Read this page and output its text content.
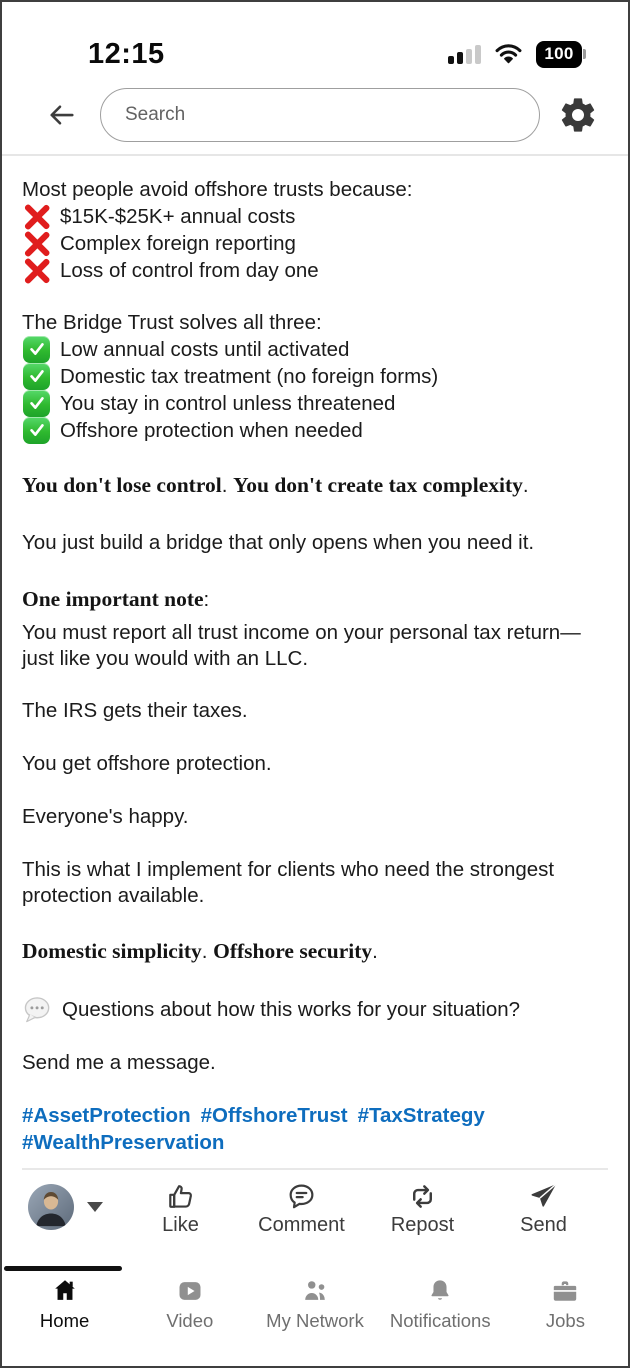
12:15	100
Search
Most people avoid offshore trusts because:
$15K-$25K+ annual costs
Complex foreign reporting
Loss of control from day one
The Bridge Trust solves all three:
Low annual costs until activated
Domestic tax treatment (no foreign forms)
You stay in control unless threatened
Offshore protection when needed
You don't lose control. You don't create tax complexity.
You just build a bridge that only opens when you need it.
One important note:
You must report all trust income on your personal tax return—just like you would with an LLC.
The IRS gets their taxes.
You get offshore protection.
Everyone's happy.
This is what I implement for clients who need the strongest protection available.
Domestic simplicity. Offshore security.
Questions about how this works for your situation?
Send me a message.
#AssetProtection #OffshoreTrust #TaxStrategy#WealthPreservation
Like	Comment Repost	Send
Home	Video	My Network Notifications	Jobs
